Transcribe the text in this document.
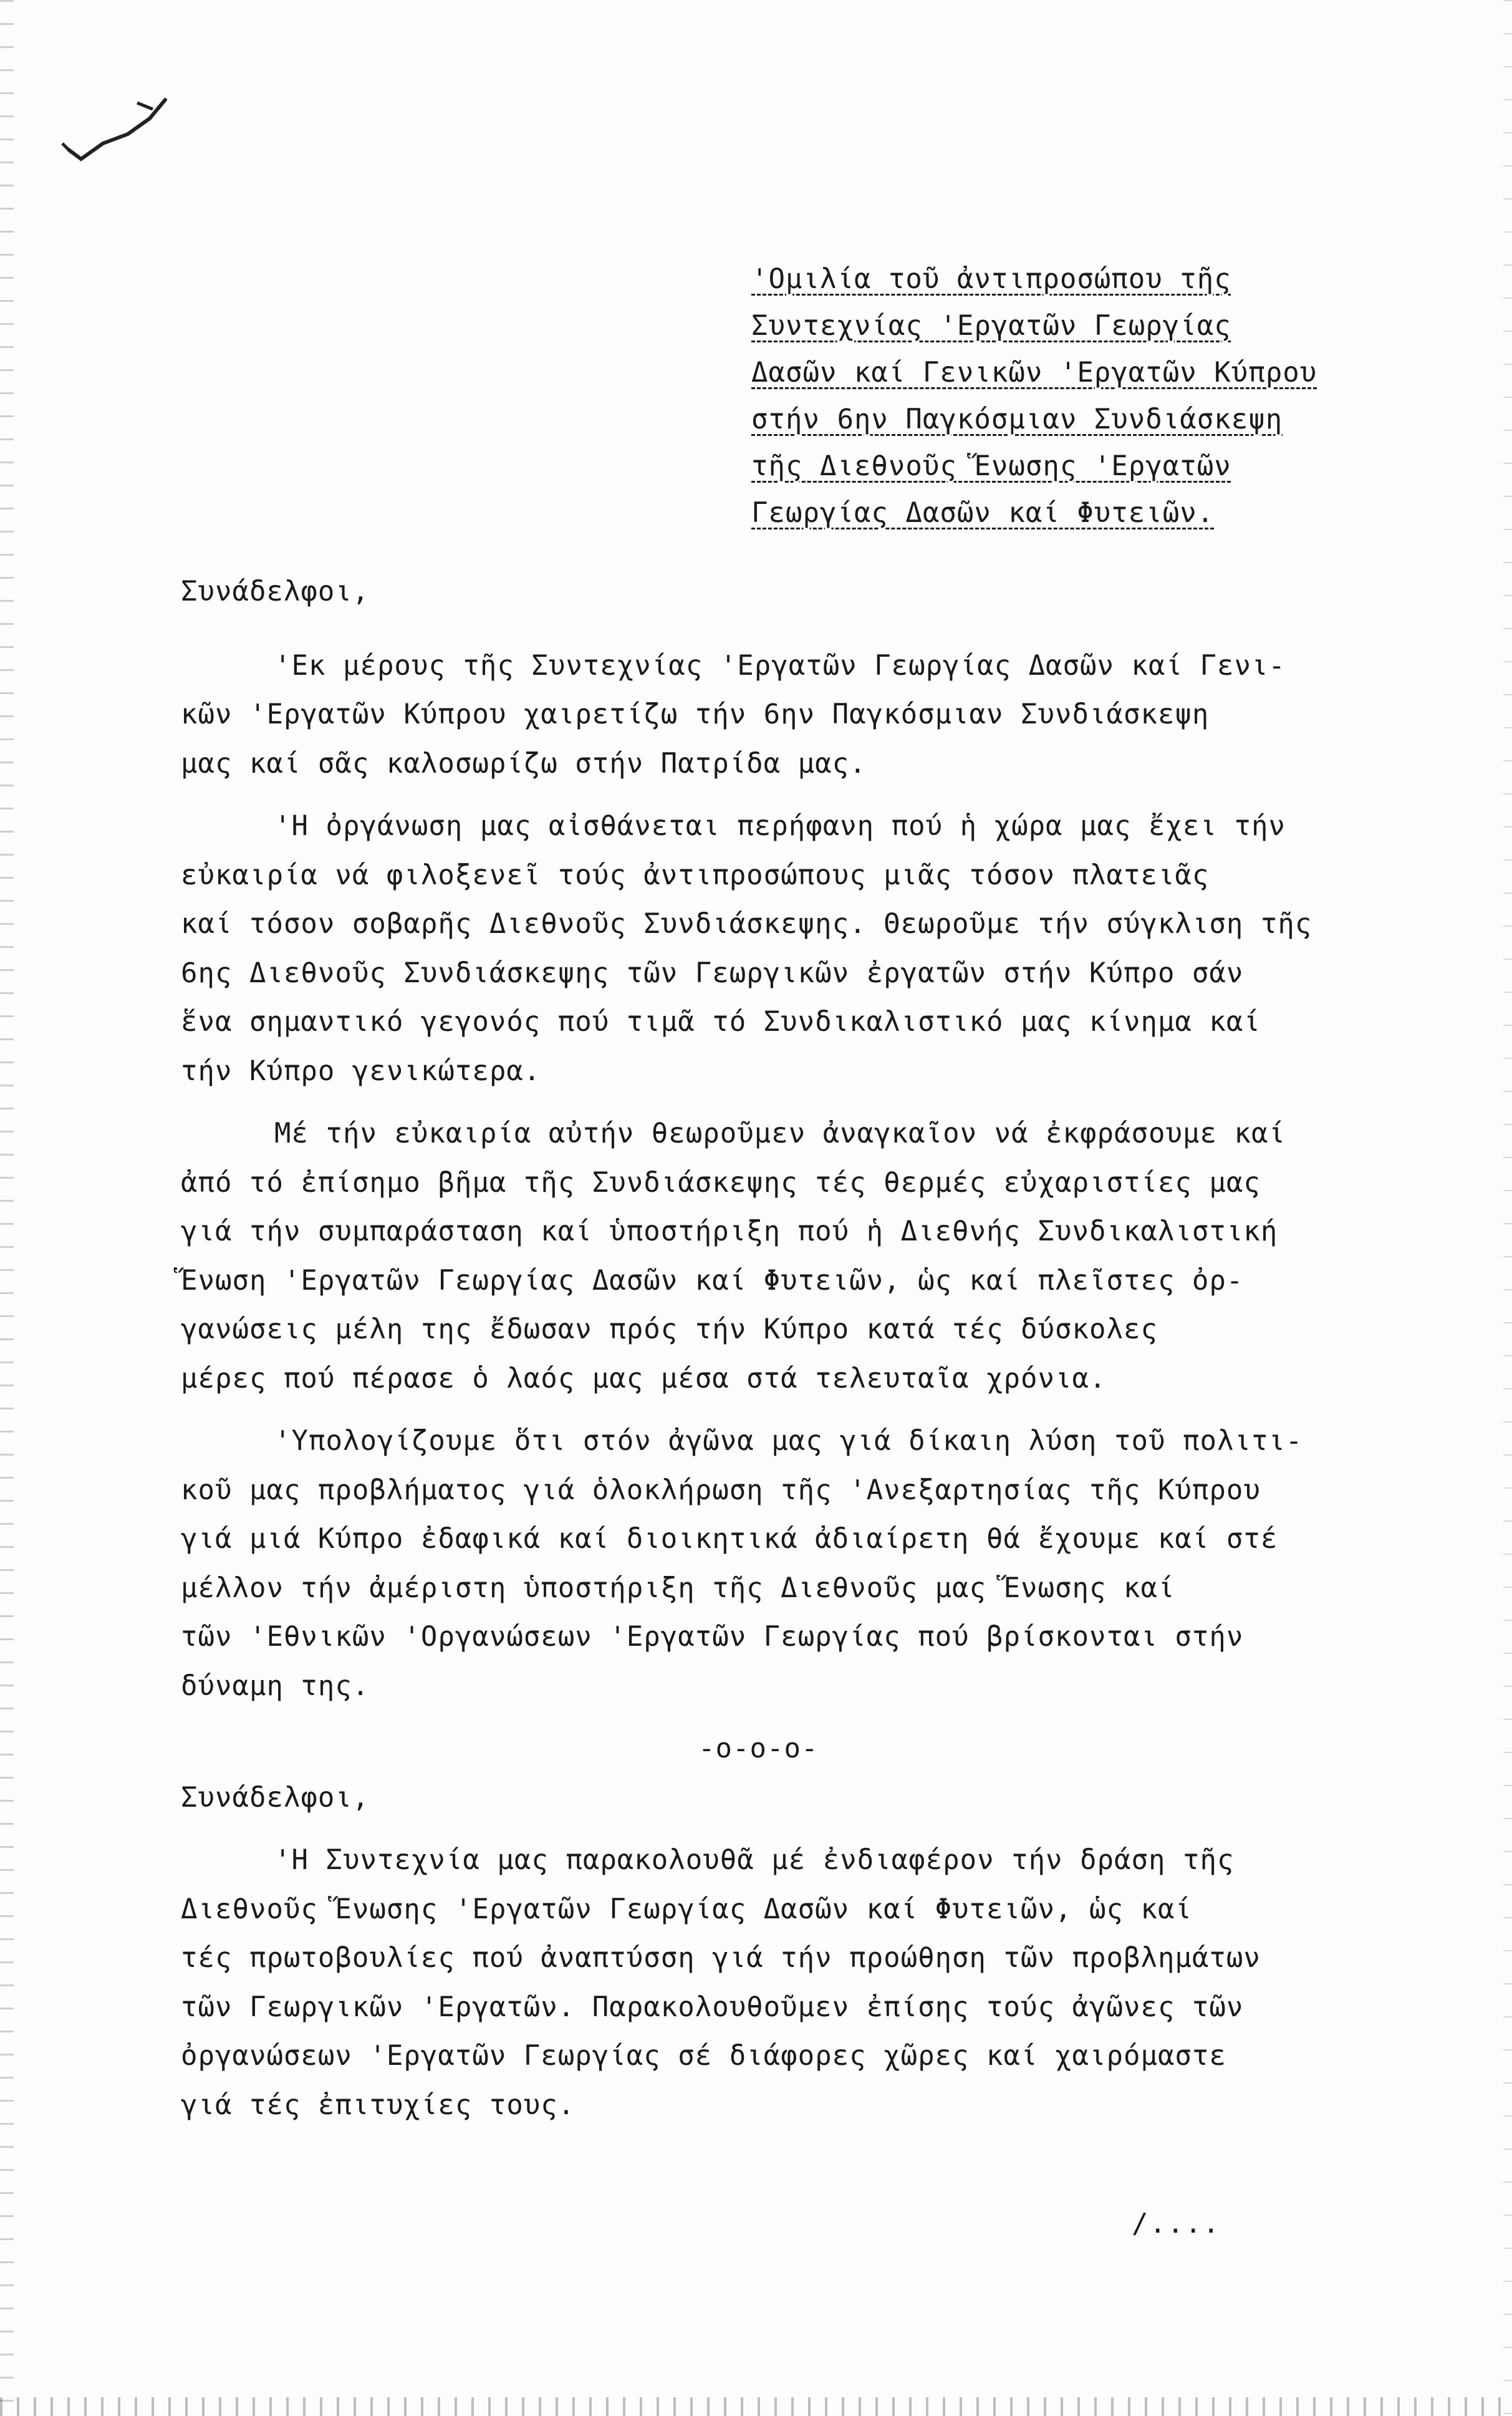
'Ομιλία τοῦ ἀντιπροσώπου τῆς
Συντεχνίας 'Εργατῶν Γεωργίας
Δασῶν καί Γενικῶν 'Εργατῶν Κύπρου
στήν 6ην Παγκόσμιαν Συνδιάσκεψη
τῆς Διεθνοῦς Ἕνωσης 'Εργατῶν
Γεωργίας Δασῶν καί Φυτειῶν.
Συνάδελφοι,
'Εκ μέρους τῆς Συντεχνίας 'Εργατῶν Γεωργίας Δασῶν καί Γενι-
κῶν 'Εργατῶν Κύπρου χαιρετίζω τήν 6ην Παγκόσμιαν Συνδιάσκεψη
μας καί σᾶς καλοσωρίζω στήν Πατρίδα μας.
'Η ὀργάνωση μας αἰσθάνεται περήφανη πού ἡ χώρα μας ἔχει τήν
εὐκαιρία νά φιλοξενεῖ τούς ἀντιπροσώπους μιᾶς τόσον πλατειᾶς
καί τόσον σοβαρῆς Διεθνοῦς Συνδιάσκεψης. Θεωροῦμε τήν σύγκλιση τῆς
6ης Διεθνοῦς Συνδιάσκεψης τῶν Γεωργικῶν ἐργατῶν στήν Κύπρο σάν
ἕνα σημαντικό γεγονός πού τιμᾶ τό Συνδικαλιστικό μας κίνημα καί
τήν Κύπρο γενικώτερα.
Μέ τήν εὐκαιρία αὐτήν θεωροῦμεν ἀναγκαῖον νά ἐκφράσουμε καί
ἀπό τό ἐπίσημο βῆμα τῆς Συνδιάσκεψης τές θερμές εὐχαριστίες μας
γιά τήν συμπαράσταση καί ὑποστήριξη πού ἡ Διεθνής Συνδικαλιστική
Ἕνωση 'Εργατῶν Γεωργίας Δασῶν καί Φυτειῶν, ὡς καί πλεῖστες ὀρ-
γανώσεις μέλη της ἔδωσαν πρός τήν Κύπρο κατά τές δύσκολες
μέρες πού πέρασε ὁ λαός μας μέσα στά τελευταῖα χρόνια.
'Υπολογίζουμε ὅτι στόν ἀγῶνα μας γιά δίκαιη λύση τοῦ πολιτι-
κοῦ μας προβλήματος γιά ὁλοκλήρωση τῆς 'Ανεξαρτησίας τῆς Κύπρου
γιά μιά Κύπρο ἐδαφικά καί διοικητικά ἀδιαίρετη θά ἔχουμε καί στέ
μέλλον τήν ἀμέριστη ὑποστήριξη τῆς Διεθνοῦς μας Ἕνωσης καί
τῶν 'Εθνικῶν 'Οργανώσεων 'Εργατῶν Γεωργίας πού βρίσκονται στήν
δύναμη της.
-o-o-o-
Συνάδελφοι,
'Η Συντεχνία μας παρακολουθᾶ μέ ἐνδιαφέρον τήν δράση τῆς
Διεθνοῦς Ἕνωσης 'Εργατῶν Γεωργίας Δασῶν καί Φυτειῶν, ὡς καί
τές πρωτοβουλίες πού ἀναπτύσση γιά τήν προώθηση τῶν προβλημάτων
τῶν Γεωργικῶν 'Εργατῶν. Παρακολουθοῦμεν ἐπίσης τούς ἀγῶνες τῶν
ὀργανώσεων 'Εργατῶν Γεωργίας σέ διάφορες χῶρες καί χαιρόμαστε
γιά τές ἐπιτυχίες τους.
/....
